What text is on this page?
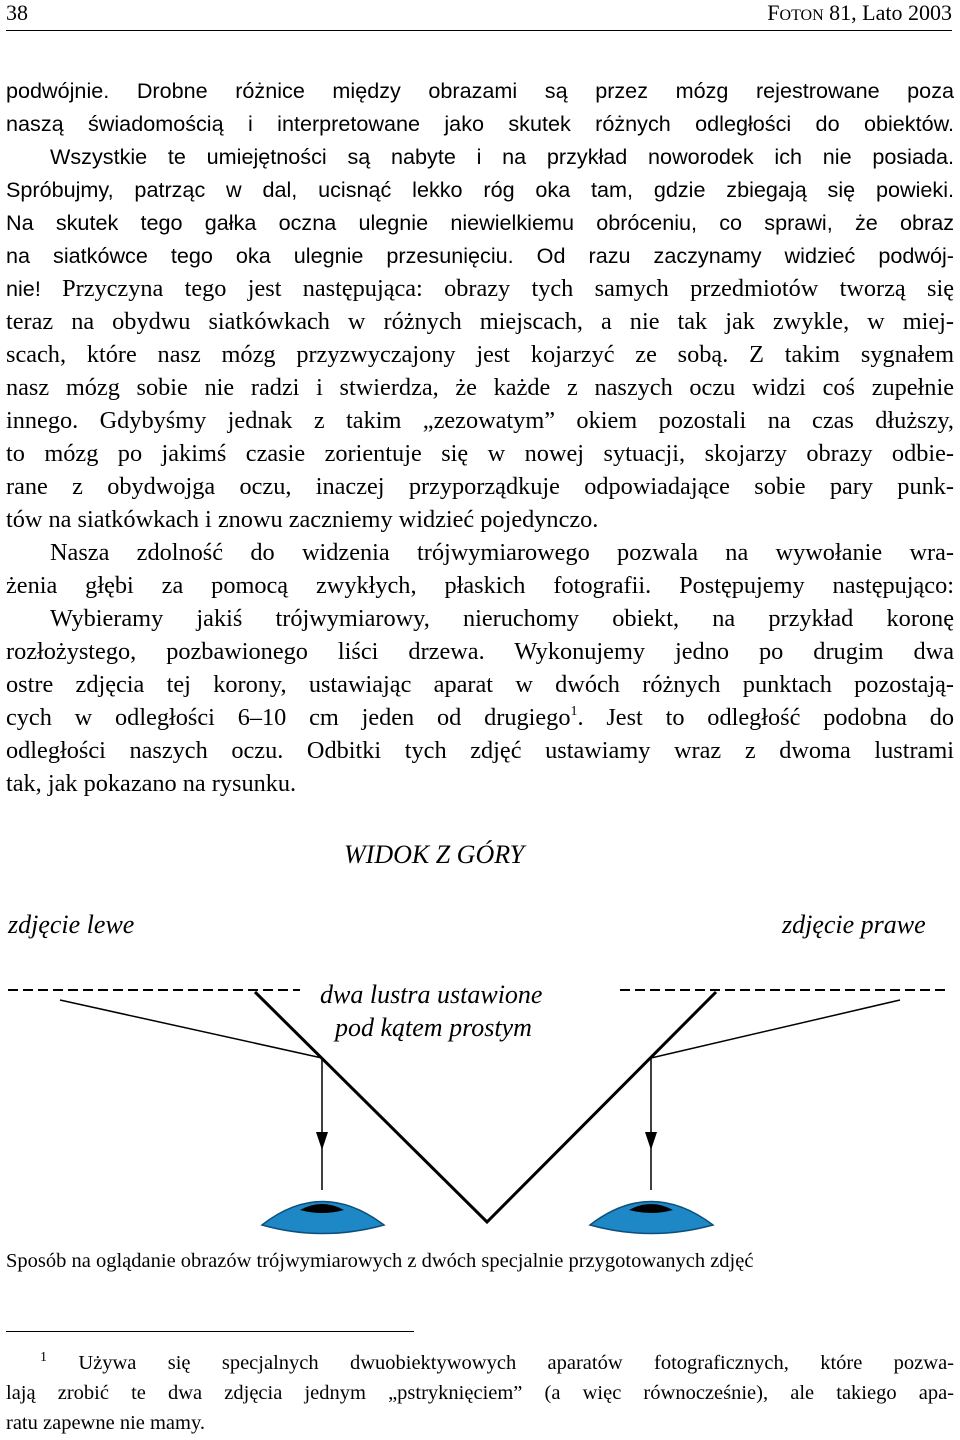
38	FOTON 81, Lato 2003
podwójnie. Drobne różnice między obrazami są przez mózg rejestrowane poza
naszą świadomością i interpretowane jako skutek różnych odległości do obiektów.
Wszystkie te umiejętności są nabyte i na przykład noworodek ich nie posiada.
Spróbujmy, patrząc w dal, ucisnąć lekko róg oka tam, gdzie zbiegają się powieki.
Na skutek tego gałka oczna ulegnie niewielkiemu obróceniu, co sprawi, że obraz
na siatkówce tego oka ulegnie przesunięciu. Od razu zaczynamy widzieć podwój-
nie! Przyczyna tego jest następująca: obrazy tych samych przedmiotów tworzą się
teraz na obydwu siatkówkach w różnych miejscach, a nie tak jak zwykle, w miej-
scach, które nasz mózg przyzwyczajony jest kojarzyć ze sobą. Z takim sygnałem
nasz mózg sobie nie radzi i stwierdza, że każde z naszych oczu widzi coś zupełnie
innego. Gdybyśmy jednak z takim „zezowatym” okiem pozostali na czas dłuższy,
to mózg po jakimś czasie zorientuje się w nowej sytuacji, skojarzy obrazy odbie-
rane z obydwojga oczu, inaczej przyporządkuje odpowiadające sobie pary punk-
tów na siatkówkach i znowu zaczniemy widzieć pojedynczo.
Nasza zdolność do widzenia trójwymiarowego pozwala na wywołanie wra-
żenia głębi za pomocą zwykłych, płaskich fotografii. Postępujemy następująco:
Wybieramy jakiś trójwymiarowy, nieruchomy obiekt, na przykład koronę
rozłożystego, pozbawionego liści drzewa. Wykonujemy jedno po drugim dwa
ostre zdjęcia tej korony, ustawiając aparat w dwóch różnych punktach pozostają-
cych w odległości 6–10 cm jeden od drugiego$^1$. Jest to odległość podobna do
odległości naszych oczu. Odbitki tych zdjęć ustawiamy wraz z dwoma lustrami
tak, jak pokazano na rysunku.
WIDOK Z GÓRY
zdjęcie lewe	zdjęcie prawe
dwa lustra ustawione
pod kątem prostym
Sposób na oglądanie obrazów trójwymiarowych z dwóch specjalnie przygotowanych zdjęć
$^1$ Używa się specjalnych dwuobiektywowych aparatów fotograficznych, które pozwa-
lają zrobić te dwa zdjęcia jednym „pstryknięciem” (a więc równocześnie), ale takiego apa-
ratu zapewne nie mamy.
